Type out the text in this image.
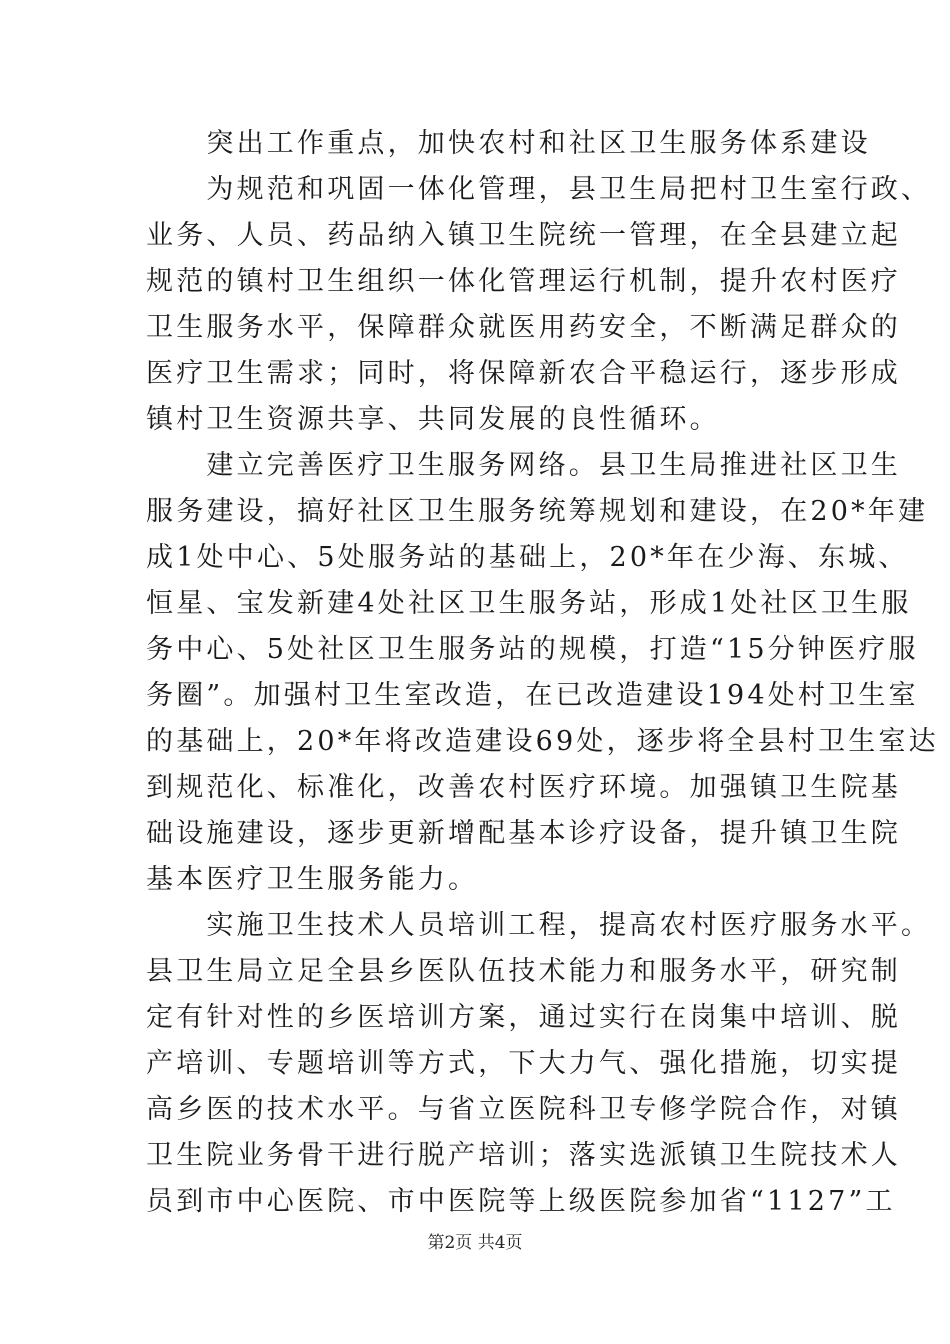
　　突出工作重点，加快农村和社区卫生服务体系建设
　　为规范和巩固一体化管理，县卫生局把村卫生室行政、
业务、人员、药品纳入镇卫生院统一管理，在全县建立起
规范的镇村卫生组织一体化管理运行机制，提升农村医疗
卫生服务水平，保障群众就医用药安全，不断满足群众的
医疗卫生需求；同时，将保障新农合平稳运行，逐步形成
镇村卫生资源共享、共同发展的良性循环。
　　建立完善医疗卫生服务网络。县卫生局推进社区卫生
服务建设，搞好社区卫生服务统筹规划和建设，在20*年建
成1处中心、5处服务站的基础上，20*年在少海、东城、
恒星、宝发新建4处社区卫生服务站，形成1处社区卫生服
务中心、5处社区卫生服务站的规模，打造“15分钟医疗服
务圈”。加强村卫生室改造，在已改造建设194处村卫生室
的基础上，20*年将改造建设69处，逐步将全县村卫生室达
到规范化、标准化，改善农村医疗环境。加强镇卫生院基
础设施建设，逐步更新增配基本诊疗设备，提升镇卫生院
基本医疗卫生服务能力。
　　实施卫生技术人员培训工程，提高农村医疗服务水平。
县卫生局立足全县乡医队伍技术能力和服务水平，研究制
定有针对性的乡医培训方案，通过实行在岗集中培训、脱
产培训、专题培训等方式，下大力气、强化措施，切实提
高乡医的技术水平。与省立医院科卫专修学院合作，对镇
卫生院业务骨干进行脱产培训；落实选派镇卫生院技术人
员到市中心医院、市中医院等上级医院参加省“1127”工
第2页 共4页
